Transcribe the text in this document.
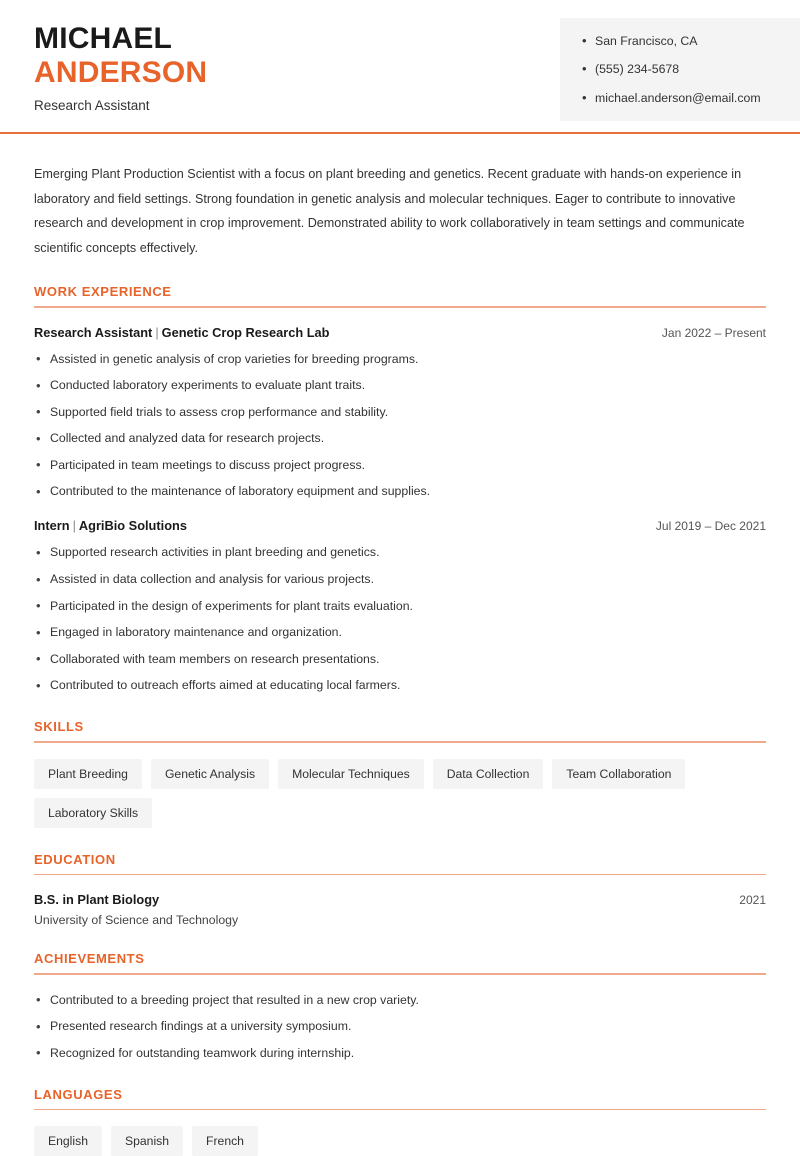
MICHAEL
ANDERSON
Research Assistant
• San Francisco, CA
• (555) 234-5678
• michael.anderson@email.com

Emerging Plant Production Scientist with a focus on plant breeding and genetics. Recent graduate with hands-on experience in laboratory and field settings. Strong foundation in genetic analysis and molecular techniques. Eager to contribute to innovative research and development in crop improvement. Demonstrated ability to work collaboratively in team settings and communicate scientific concepts effectively.

WORK EXPERIENCE
Research Assistant | Genetic Crop Research Lab	Jan 2022 – Present
• Assisted in genetic analysis of crop varieties for breeding programs.
• Conducted laboratory experiments to evaluate plant traits.
• Supported field trials to assess crop performance and stability.
• Collected and analyzed data for research projects.
• Participated in team meetings to discuss project progress.
• Contributed to the maintenance of laboratory equipment and supplies.
Intern | AgriBio Solutions	Jul 2019 – Dec 2021
• Supported research activities in plant breeding and genetics.
• Assisted in data collection and analysis for various projects.
• Participated in the design of experiments for plant traits evaluation.
• Engaged in laboratory maintenance and organization.
• Collaborated with team members on research presentations.
• Contributed to outreach efforts aimed at educating local farmers.
SKILLS
Plant Breeding	Genetic Analysis	Molecular Techniques	Data Collection	Team Collaboration
Laboratory Skills
EDUCATION
B.S. in Plant Biology	2021
University of Science and Technology
ACHIEVEMENTS
• Contributed to a breeding project that resulted in a new crop variety.
• Presented research findings at a university symposium.
• Recognized for outstanding teamwork during internship.
LANGUAGES
English	Spanish	French
